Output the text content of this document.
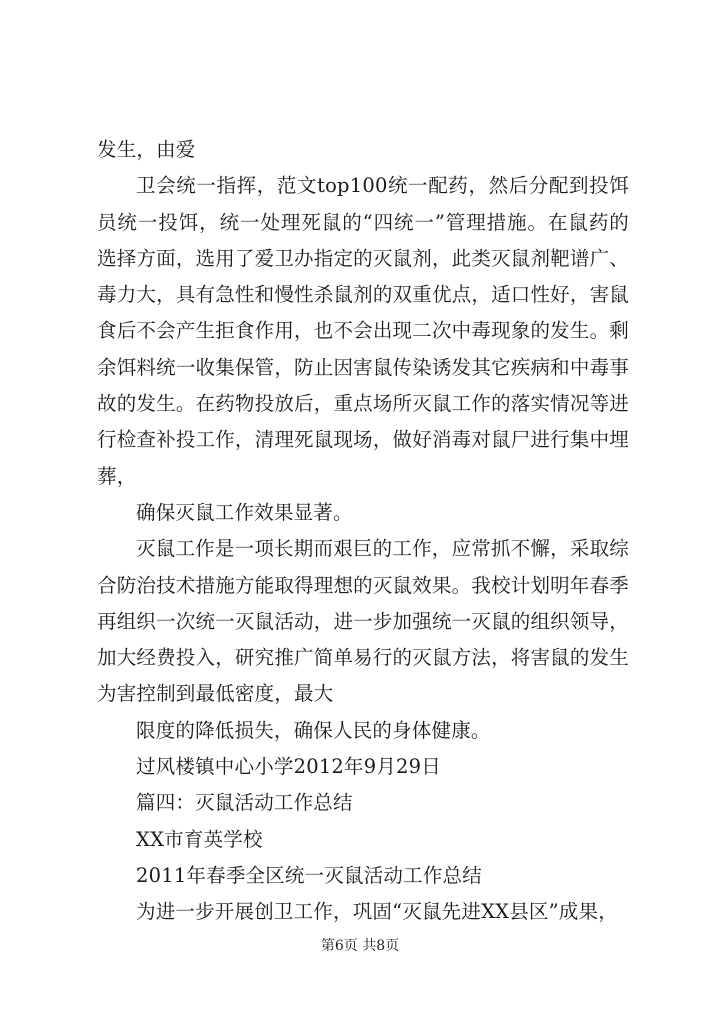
发生，由爱

卫会统一指挥，范文top100统一配药，然后分配到投饵员统一投饵，统一处理死鼠的“四统一”管理措施。在鼠药的选择方面，选用了爱卫办指定的灭鼠剂，此类灭鼠剂靶谱广、毒力大，具有急性和慢性杀鼠剂的双重优点，适口性好，害鼠食后不会产生拒食作用，也不会出现二次中毒现象的发生。剩余饵料统一收集保管，防止因害鼠传染诱发其它疾病和中毒事故的发生。在药物投放后，重点场所灭鼠工作的落实情况等进行检查补投工作，清理死鼠现场，做好消毒对鼠尸进行集中埋葬，

确保灭鼠工作效果显著。

灭鼠工作是一项长期而艰巨的工作，应常抓不懈，采取综合防治技术措施方能取得理想的灭鼠效果。我校计划明年春季再组织一次统一灭鼠活动，进一步加强统一灭鼠的组织领导，加大经费投入，研究推广简单易行的灭鼠方法，将害鼠的发生为害控制到最低密度，最大

限度的降低损失，确保人民的身体健康。

过风楼镇中心小学2012年9月29日

篇四：灭鼠活动工作总结

XX市育英学校

2011年春季全区统一灭鼠活动工作总结

为进一步开展创卫工作，巩固“灭鼠先进XX县区”成果，

第6页 共8页
